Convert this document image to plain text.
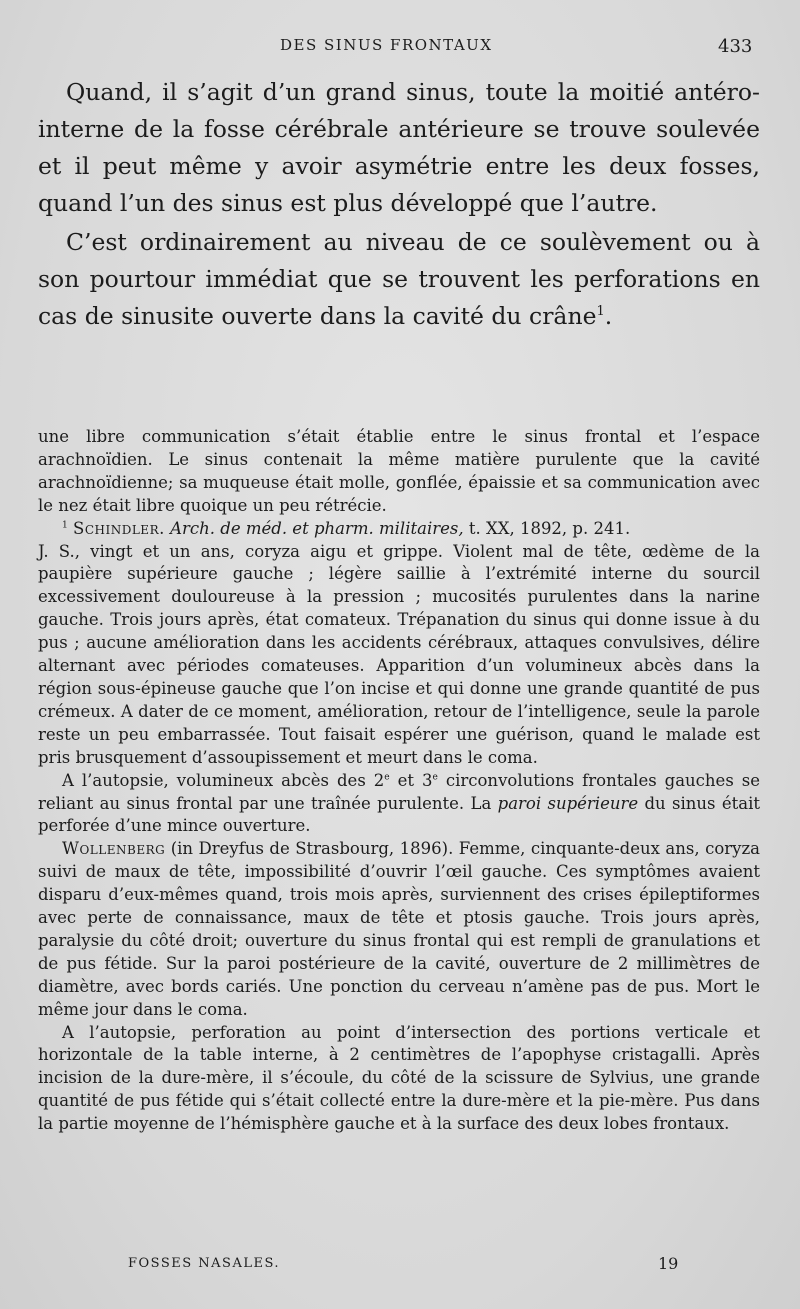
DES SINUS FRONTAUX	433

Quand, il s’agit d’un grand sinus, toute la moitié antéro-interne de la fosse cérébrale antérieure se trouve soulevée et il peut même y avoir asymétrie entre les deux fosses, quand l’un des sinus est plus développé que l’autre.

C’est ordinairement au niveau de ce soulèvement ou à son pourtour immédiat que se trouvent les perforations en cas de sinusite ouverte dans la cavité du crâne$^1$.

une libre communication s’était établie entre le sinus frontal et l’espace arachnoïdien. Le sinus contenait la même matière purulente que la cavité arachnoïdienne; sa muqueuse était molle, gonflée, épaissie et sa communication avec le nez était libre quoique un peu rétrécie.

$^1$ Schindler. Arch. de méd. et pharm. militaires, t. XX, 1892, p. 241.

J. S., vingt et un ans, coryza aigu et grippe. Violent mal de tête, œdème de la paupière supérieure gauche ; légère saillie à l’extrémité interne du sourcil excessivement douloureuse à la pression ; mucosités purulentes dans la narine gauche. Trois jours après, état comateux. Trépanation du sinus qui donne issue à du pus ; aucune amélioration dans les accidents cérébraux, attaques convulsives, délire alternant avec périodes comateuses. Apparition d’un volumineux abcès dans la région sous-épineuse gauche que l’on incise et qui donne une grande quantité de pus crémeux. A dater de ce moment, amélioration, retour de l’intelligence, seule la parole reste un peu embarrassée. Tout faisait espérer une guérison, quand le malade est pris brusquement d’assoupissement et meurt dans le coma.

A l’autopsie, volumineux abcès des 2e et 3e circonvolutions frontales gauches se reliant au sinus frontal par une traînée purulente. La paroi supérieure du sinus était perforée d’une mince ouverture.

Wollenberg (in Dreyfus de Strasbourg, 1896). Femme, cinquante-deux ans, coryza suivi de maux de tête, impossibilité d’ouvrir l’œil gauche. Ces symptômes avaient disparu d’eux-mêmes quand, trois mois après, surviennent des crises épileptiformes avec perte de connaissance, maux de tête et ptosis gauche. Trois jours après, paralysie du côté droit; ouverture du sinus frontal qui est rempli de granulations et de pus fétide. Sur la paroi postérieure de la cavité, ouverture de 2 millimètres de diamètre, avec bords cariés. Une ponction du cerveau n’amène pas de pus. Mort le même jour dans le coma.

A l’autopsie, perforation au point d’intersection des portions verticale et horizontale de la table interne, à 2 centimètres de l’apophyse cristagalli. Après incision de la dure-mère, il s’écoule, du côté de la scissure de Sylvius, une grande quantité de pus fétide qui s’était collecté entre la dure-mère et la pie-mère. Pus dans la partie moyenne de l’hémisphère gauche et à la surface des deux lobes frontaux.

FOSSES NASALES.	19
